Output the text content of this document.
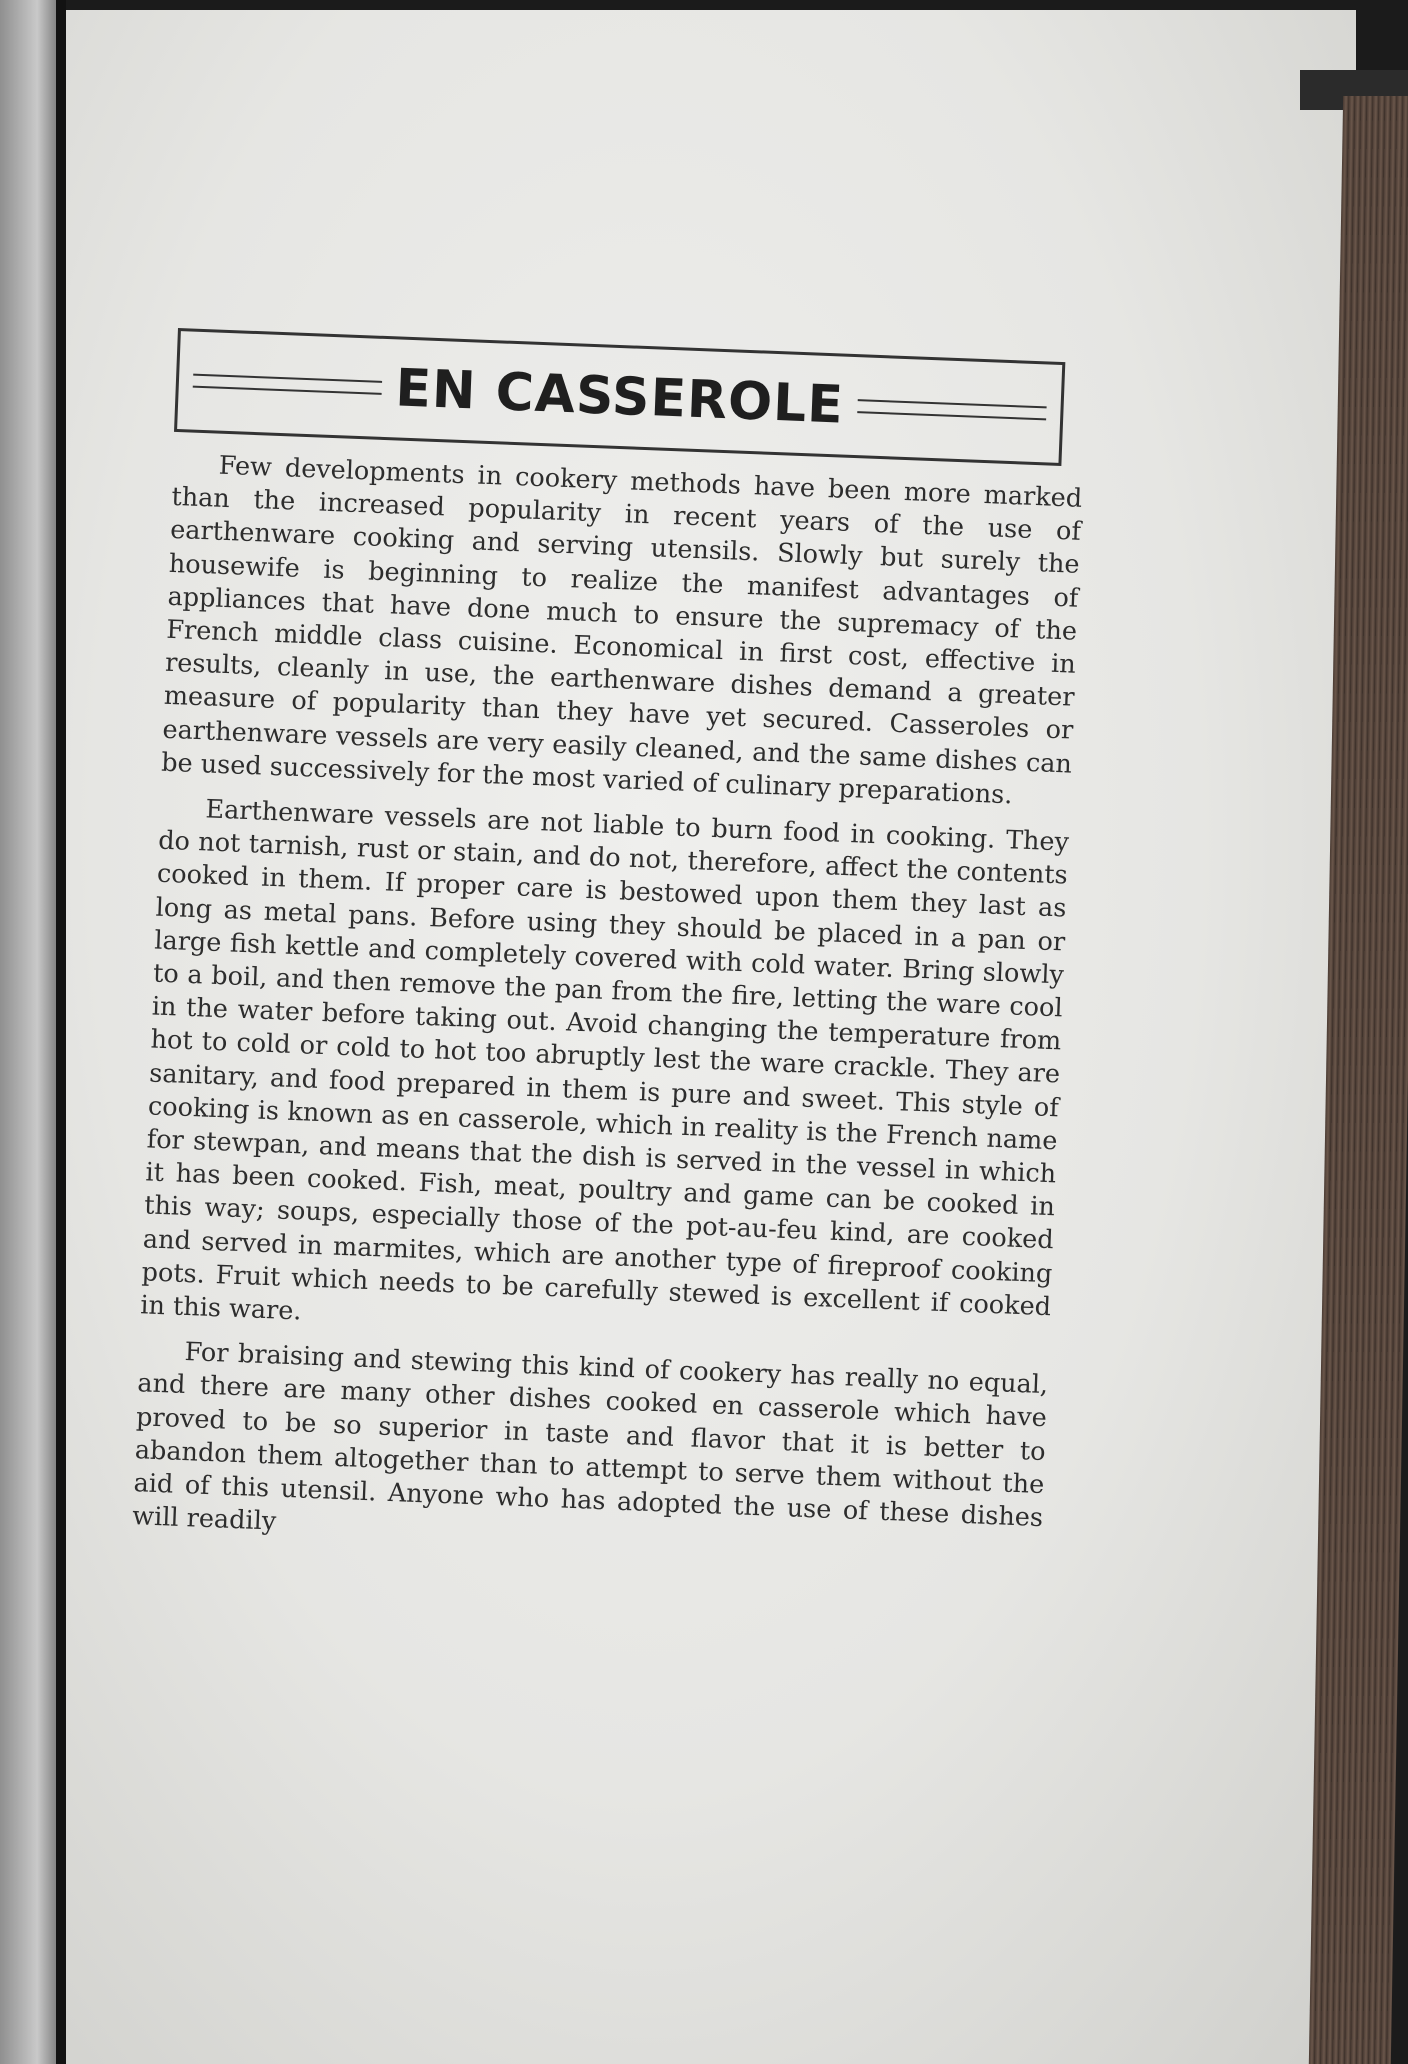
EN CASSEROLE

Few developments in cookery methods have been more marked than the increased popularity in recent years of the use of earthenware cooking and serving utensils. Slowly but surely the housewife is beginning to realize the manifest advantages of appliances that have done much to ensure the supremacy of the French middle class cuisine. Economical in first cost, effective in results, cleanly in use, the earthenware dishes demand a greater measure of popularity than they have yet secured. Casseroles or earthenware vessels are very easily cleaned, and the same dishes can be used successively for the most varied of culinary preparations.

Earthenware vessels are not liable to burn food in cooking. They do not tarnish, rust or stain, and do not, therefore, affect the contents cooked in them. If proper care is bestowed upon them they last as long as metal pans. Before using they should be placed in a pan or large fish kettle and completely covered with cold water. Bring slowly to a boil, and then remove the pan from the fire, letting the ware cool in the water before taking out. Avoid changing the temperature from hot to cold or cold to hot too abruptly lest the ware crackle. They are sanitary, and food prepared in them is pure and sweet. This style of cooking is known as en casserole, which in reality is the French name for stewpan, and means that the dish is served in the vessel in which it has been cooked. Fish, meat, poultry and game can be cooked in this way; soups, especially those of the pot-au-feu kind, are cooked and served in marmites, which are another type of fireproof cooking pots. Fruit which needs to be carefully stewed is excellent if cooked in this ware.

For braising and stewing this kind of cookery has really no equal, and there are many other dishes cooked en casserole which have proved to be so superior in taste and flavor that it is better to abandon them altogether than to attempt to serve them without the aid of this utensil. Anyone who has adopted the use of these dishes will readily
